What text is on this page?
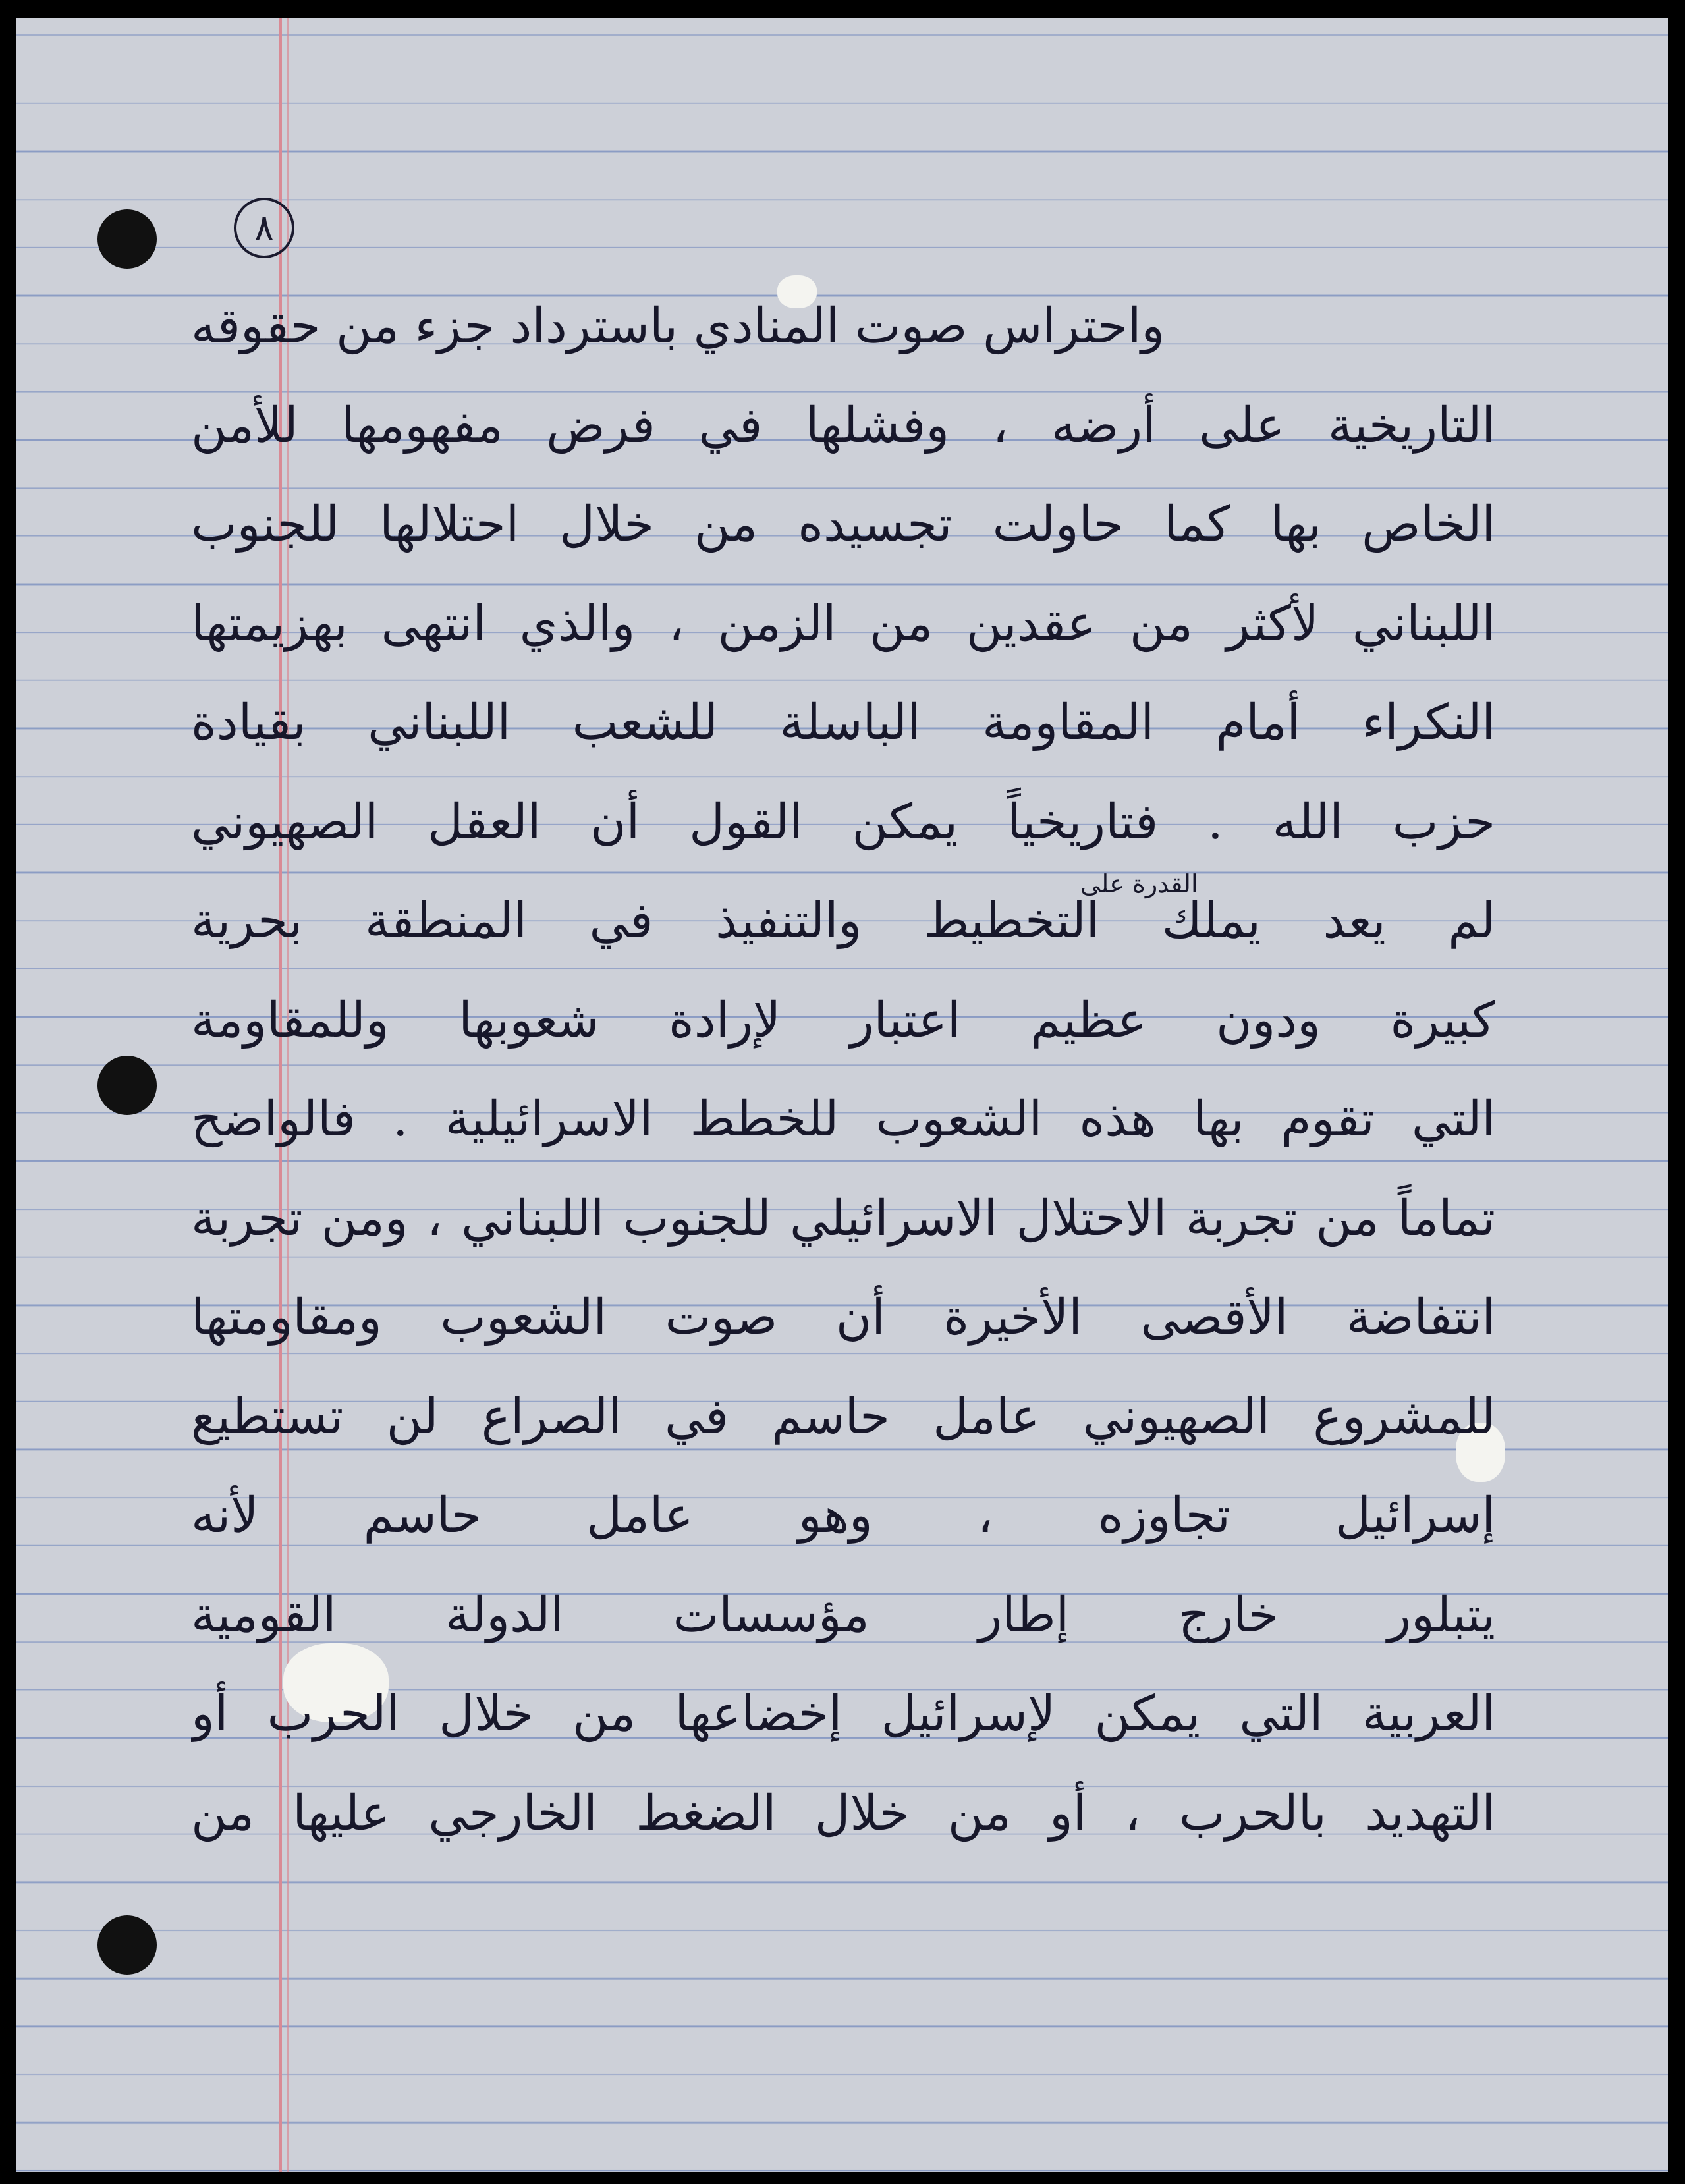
٨
القدرة على
واحتراس صوت المنادي باسترداد جزء من حقوقه
التاريخية على أرضه ، وفشلها في فرض مفهومها للأمن
الخاص بها كما حاولت تجسيده من خلال احتلالها للجنوب
اللبناني لأكثر من عقدين من الزمن ، والذي انتهى بهزيمتها
النكراء أمام المقاومة الباسلة للشعب اللبناني بقيادة
حزب الله . فتاريخياً يمكن القول أن العقل الصهيوني
لم يعد يملك التخطيط والتنفيذ في المنطقة بحرية
كبيرة ودون عظيم اعتبار لإرادة شعوبها وللمقاومة
التي تقوم بها هذه الشعوب للخطط الاسرائيلية . فالواضح
تماماً من تجربة الاحتلال الاسرائيلي للجنوب اللبناني ، ومن تجربة
انتفاضة الأقصى الأخيرة أن صوت الشعوب ومقاومتها
للمشروع الصهيوني عامل حاسم في الصراع لن تستطيع
إسرائيل تجاوزه ، وهو عامل حاسم لأنه
يتبلور خارج إطار مؤسسات الدولة القومية
العربية التي يمكن لإسرائيل إخضاعها من خلال الحرب أو
التهديد بالحرب ، أو من خلال الضغط الخارجي عليها من
